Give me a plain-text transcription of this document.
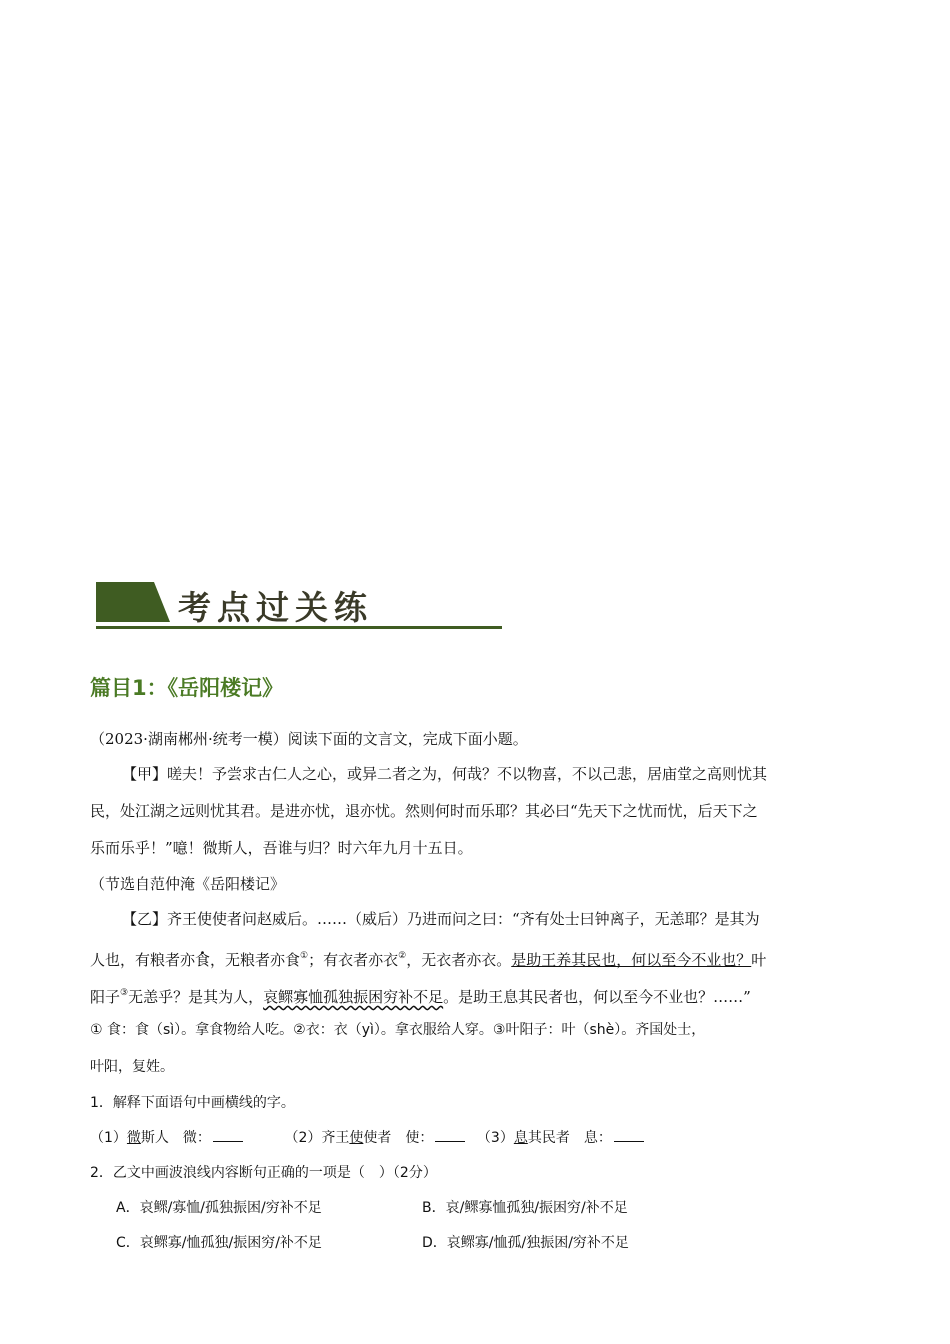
考点过关练
篇目1：《岳阳楼记》
（2023·湖南郴州·统考一模）阅读下面的文言文，完成下面小题。
【甲】嗟夫！予尝求古仁人之心，或异二者之为，何哉？不以物喜，不以己悲，居庙堂之高则忧其
民，处江湖之远则忧其君。是进亦忧，退亦忧。然则何时而乐耶？其必曰“先天下之忧而忧，后天下之
乐而乐乎！”噫！微斯人，吾谁与归？时六年九月十五日。
（节选自范仲淹《岳阳楼记》
【乙】齐王使使者问赵威后。……（威后）乃进而问之曰：“齐有处士曰钟离子，无恙耶？是其为
人也，有粮者亦食，无粮者亦食①；有衣者亦衣②，无衣者亦衣。是助王养其民也，何以至今不业也？叶
阳子③无恙乎？是其为人，哀鳏寡恤孤独振困穷补不足。是助王息其民者也，何以至今不业也？……”
① 食：食（sì）。拿食物给人吃。②衣：衣（yì）。拿衣服给人穿。③叶阳子：叶（shè）。齐国处士，
叶阳，复姓。
1．解释下面语句中画横线的字。
（1）微斯人　微：	（2）齐王使使者　使：	（3）息其民者　息：
2．乙文中画波浪线内容断句正确的一项是（　）（2分）
A．哀鳏/寡恤/孤独振困/穷补不足	B．哀/鳏寡恤孤独/振困穷/补不足
C．哀鳏寡/恤孤独/振困穷/补不足	D．哀鳏寡/恤孤/独振困/穷补不足
